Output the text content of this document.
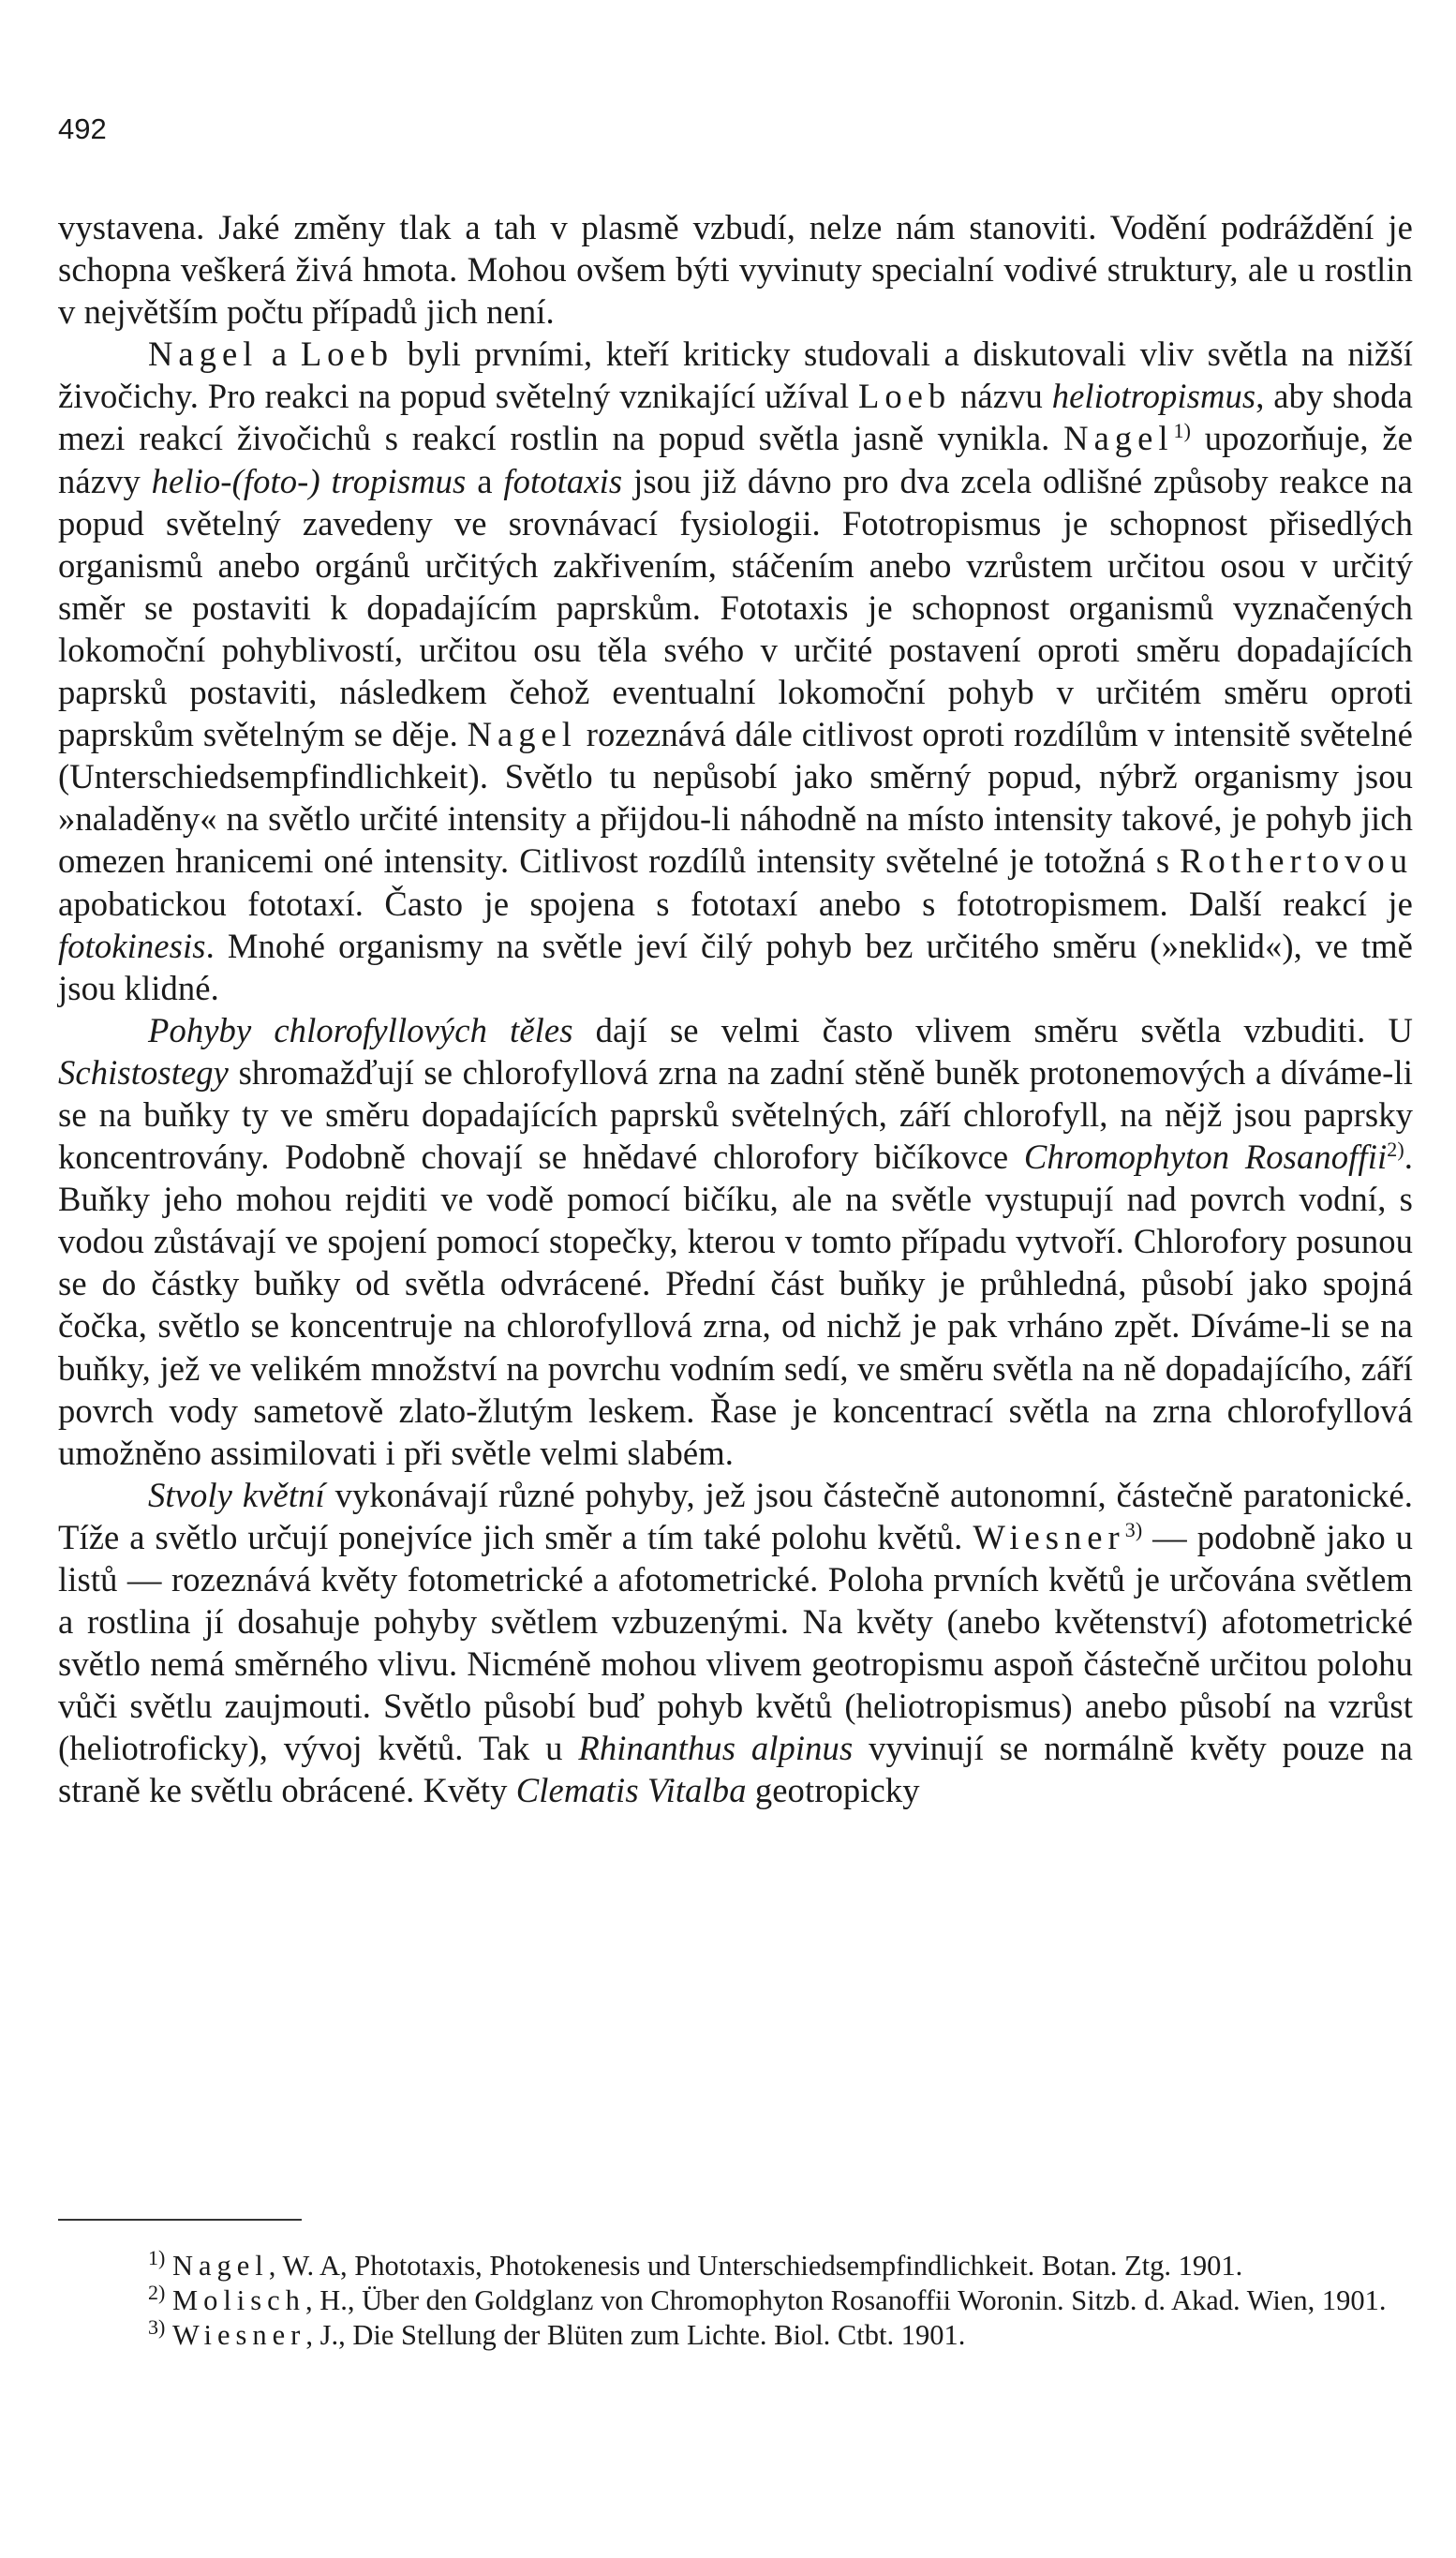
492

vystavena. Jaké změny tlak a tah v plasmě vzbudí, nelze nám stanoviti. Vodění podráždění je schopna veškerá živá hmota. Mohou ovšem býti vyvinuty specialní vodivé struktury, ale u rostlin v největším počtu případů jich není.

Nagel a Loeb byli prvními, kteří kriticky studovali a diskutovali vliv světla na nižší živočichy. Pro reakci na popud světelný vznikající užíval Loeb názvu heliotropismus, aby shoda mezi reakcí živočichů s reakcí rostlin na popud světla jasně vynikla. Nagel$^{1)}$ upozorňuje, že názvy helio-(foto-) tropismus a fototaxis jsou již dávno pro dva zcela odlišné způsoby reakce na popud světelný zavedeny ve srovnávací fysiologii. Fototropismus je schopnost přisedlých organismů anebo orgánů určitých zakřivením, stáčením anebo vzrůstem určitou osou v určitý směr se postaviti k dopadajícím paprskům. Fototaxis je schopnost organismů vyznačených lokomoční pohyblivostí, určitou osu těla svého v určité postavení oproti směru dopadajících paprsků postaviti, následkem čehož eventualní lokomoční pohyb v určitém směru oproti paprskům světelným se děje. Nagel rozeznává dále citlivost oproti rozdílům v intensitě světelné (Unterschiedsempfindlichkeit). Světlo tu nepůsobí jako směrný popud, nýbrž organismy jsou »naladěny« na světlo určité intensity a přijdou-li náhodně na místo intensity takové, je pohyb jich omezen hranicemi oné intensity. Citlivost rozdílů intensity světelné je totožná s Rothertovou apobatickou fototaxí. Často je spojena s fototaxí anebo s fototropismem. Další reakcí je fotokinesis. Mnohé organismy na světle jeví čilý pohyb bez určitého směru (»neklid«), ve tmě jsou klidné.

Pohyby chlorofyllových těles dají se velmi často vlivem směru světla vzbuditi. U Schistostegy shromažďují se chlorofyllová zrna na zadní stěně buněk protonemových a díváme-li se na buňky ty ve směru dopadajících paprsků světelných, září chlorofyll, na nějž jsou paprsky koncentrovány. Podobně chovají se hnědavé chlorofory bičíkovce Chromophyton Rosanoffii$^{2)}$. Buňky jeho mohou rejditi ve vodě pomocí bičíku, ale na světle vystupují nad povrch vodní, s vodou zůstávají ve spojení pomocí stopečky, kterou v tomto případu vytvoří. Chlorofory posunou se do částky buňky od světla odvrácené. Přední část buňky je průhledná, působí jako spojná čočka, světlo se koncentruje na chlorofyllová zrna, od nichž je pak vrháno zpět. Díváme-li se na buňky, jež ve velikém množství na povrchu vodním sedí, ve směru světla na ně dopadajícího, září povrch vody sametově zlato-žlutým leskem. Řase je koncentrací světla na zrna chlorofyllová umožněno assimilovati i při světle velmi slabém.

Stvoly květní vykonávají různé pohyby, jež jsou částečně autonomní, částečně paratonické. Tíže a světlo určují ponejvíce jich směr a tím také polohu květů. Wiesner$^{3)}$ — podobně jako u listů — rozeznává květy fotometrické a afotometrické. Poloha prvních květů je určována světlem a rostlina jí dosahuje pohyby světlem vzbuzenými. Na květy (anebo květenství) afotometrické světlo nemá směrného vlivu. Nicméně mohou vlivem geotropismu aspoň částečně určitou polohu vůči světlu zaujmouti. Světlo působí buď pohyb květů (heliotropismus) anebo působí na vzrůst (heliotroficky), vývoj květů. Tak u Rhinanthus alpinus vyvinují se normálně květy pouze na straně ke světlu obrácené. Květy Clematis Vitalba geotropicky

$^{1)}$ Nagel, W. A, Phototaxis, Photokenesis und Unterschiedsempfindlichkeit. Botan. Ztg. 1901.

$^{2)}$ Molisch, H., Über den Goldglanz von Chromophyton Rosanoffii Woronin. Sitzb. d. Akad. Wien, 1901.

$^{3)}$ Wiesner, J., Die Stellung der Blüten zum Lichte. Biol. Ctbt. 1901.
